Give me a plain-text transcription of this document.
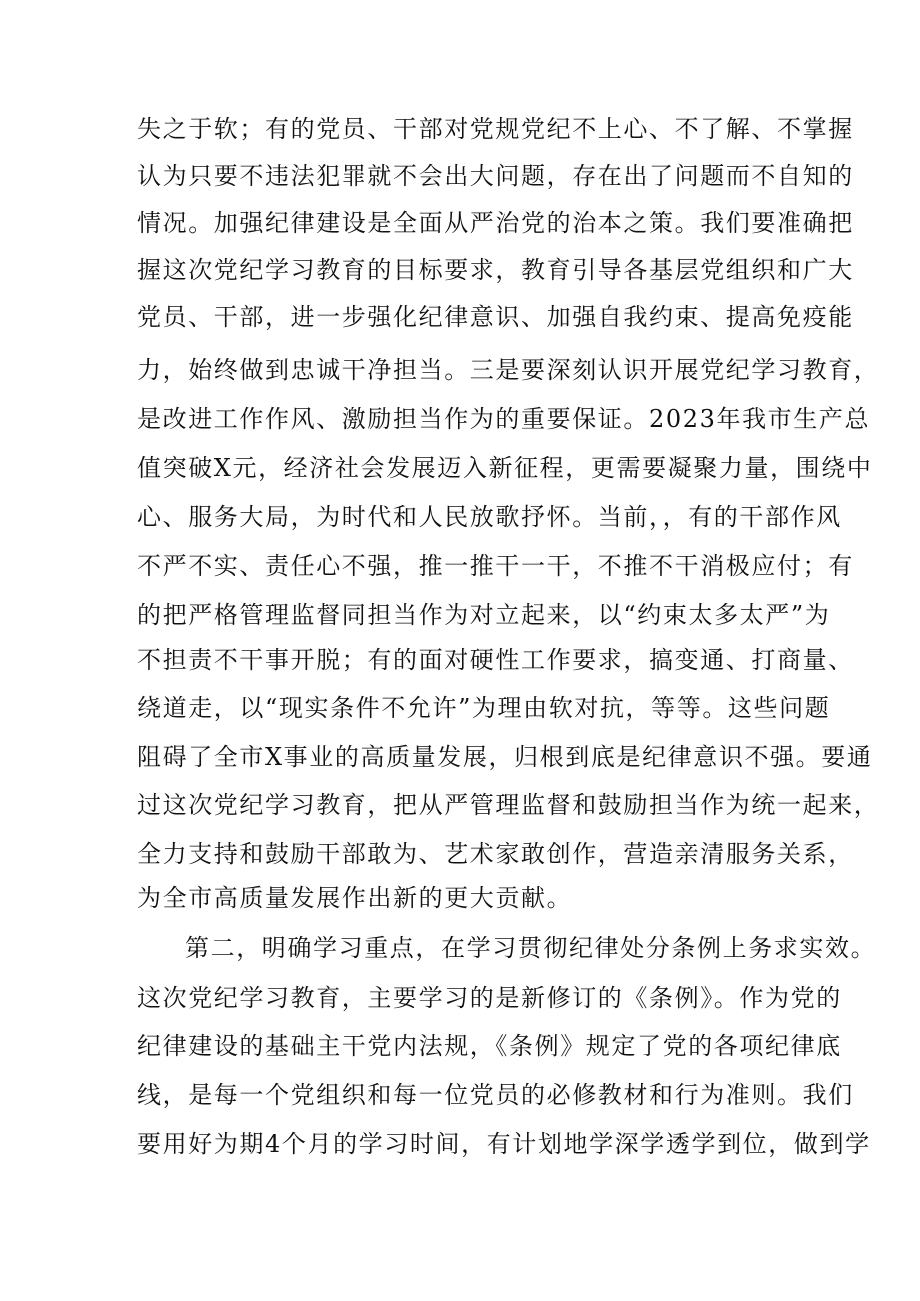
失之于软；有的党员、干部对党规党纪不上心、不了解、不掌握

认为只要不违法犯罪就不会出大问题，存在出了问题而不自知的

情况。加强纪律建设是全面从严治党的治本之策。我们要准确把

握这次党纪学习教育的目标要求，教育引导各基层党组织和广大

党员、干部，进一步强化纪律意识、加强自我约束、提高免疫能

力，始终做到忠诚干净担当。三是要深刻认识开展党纪学习教育，

是改进工作作风、激励担当作为的重要保证。2023年我市生产总

值突破X元，经济社会发展迈入新征程，更需要凝聚力量，围绕中

心、服务大局，为时代和人民放歌抒怀。当前，，有的干部作风

不严不实、责任心不强，推一推干一干，不推不干消极应付；有

的把严格管理监督同担当作为对立起来，以“约束太多太严”为

不担责不干事开脱；有的面对硬性工作要求，搞变通、打商量、

绕道走，以“现实条件不允许”为理由软对抗，等等。这些问题

阻碍了全市X事业的高质量发展，归根到底是纪律意识不强。要通

过这次党纪学习教育，把从严管理监督和鼓励担当作为统一起来，

全力支持和鼓励干部敢为、艺术家敢创作，营造亲清服务关系，

为全市高质量发展作出新的更大贡献。

第二，明确学习重点，在学习贯彻纪律处分条例上务求实效。

这次党纪学习教育，主要学习的是新修订的《条例》。作为党的

纪律建设的基础主干党内法规，《条例》规定了党的各项纪律底

线，是每一个党组织和每一位党员的必修教材和行为准则。我们

要用好为期4个月的学习时间，有计划地学深学透学到位，做到学
